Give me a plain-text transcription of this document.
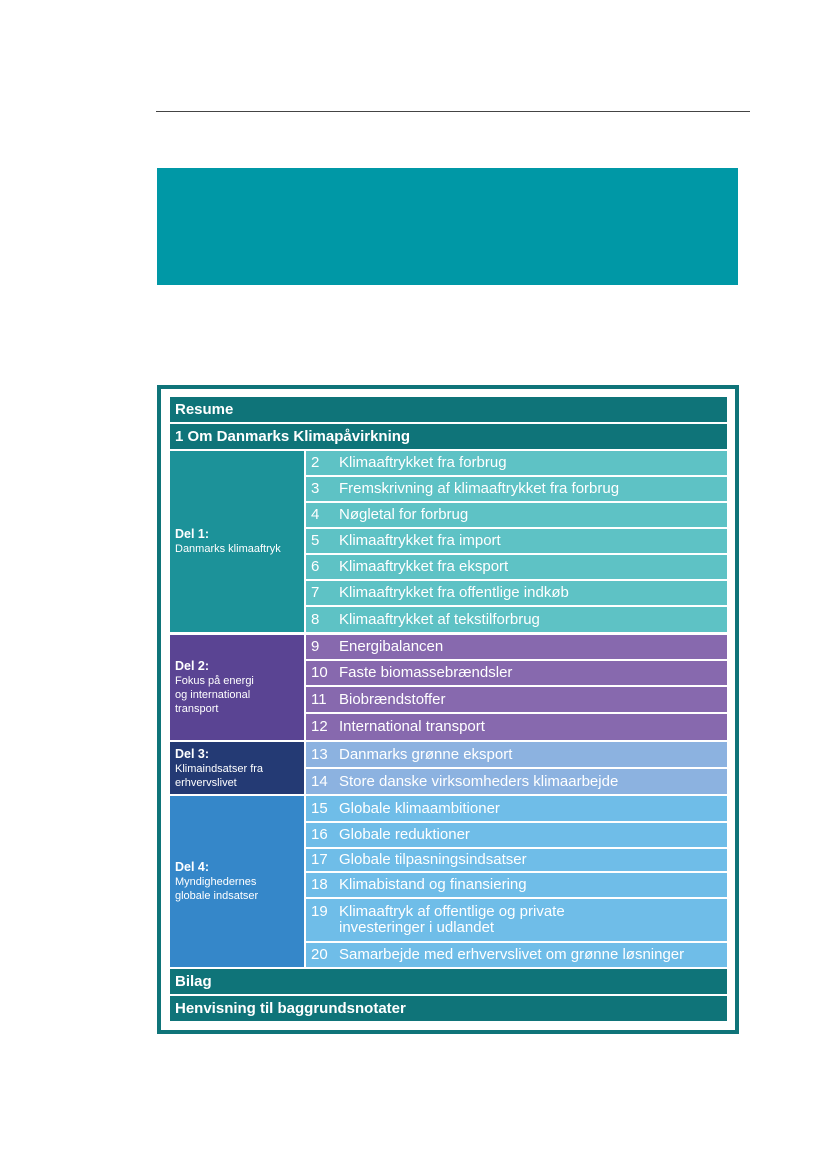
Resume
1 Om Danmarks Klimapåvirkning
Del 1:
Danmarks klimaaftryk
2	Klimaaftrykket fra forbrug
3	Fremskrivning af klimaaftrykket fra forbrug
4	Nøgletal for forbrug
5	Klimaaftrykket fra import
6	Klimaaftrykket fra eksport
7	Klimaaftrykket fra offentlige indkøb
8	Klimaaftrykket af tekstilforbrug
Del 2:
Fokus på energi
og international
transport
9	Energibalancen
10 Faste biomassebrændsler
11 Biobrændstoffer
12 International transport
Del 3:
Klimaindsatser fra
erhvervslivet
13 Danmarks grønne eksport
14 Store danske virksomheders klimaarbejde
Del 4:
Myndighedernes
globale indsatser
15 Globale klimaambitioner
16 Globale reduktioner
17 Globale tilpasningsindsatser
18 Klimabistand og finansiering
19 Klimaaftryk af offentlige og private
investeringer i udlandet
20 Samarbejde med erhvervslivet om grønne løsninger
Bilag
Henvisning til baggrundsnotater
